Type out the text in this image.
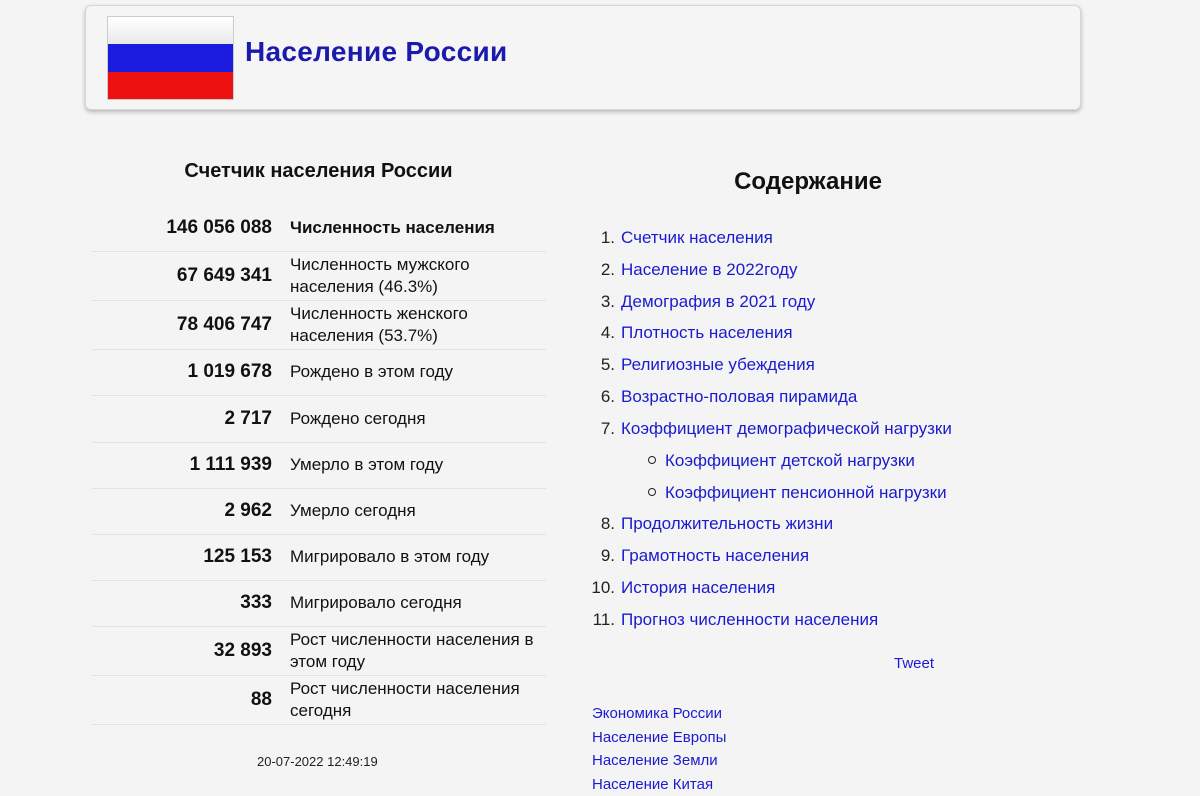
Население России
Счетчик населения России
146 056 088	Численность населения
67 649 341	Численность мужского населения (46.3%)
78 406 747	Численность женского населения (53.7%)
1 019 678	Рождено в этом году
2 717	Рождено сегодня
1 111 939	Умерло в этом году
2 962	Умерло сегодня
125 153	Мигрировало в этом году
333	Мигрировало сегодня
32 893	Рост численности населения в этом году
88	Рост численности населения сегодня
20-07-2022 12:49:19
Содержание
1. Счетчик населения
2. Население в 2022году
3. Демография в 2021 году
4. Плотность населения
5. Религиозные убеждения
6. Возрастно-половая пирамида
7. Коэффициент демографической нагрузки
Коэффициент детской нагрузки
Коэффициент пенсионной нагрузки
8. Продолжительность жизни
9. Грамотность населения
10. История населения
11. Прогноз численности населения
Tweet
Экономика России
Население Европы
Население Земли
Население Китая
